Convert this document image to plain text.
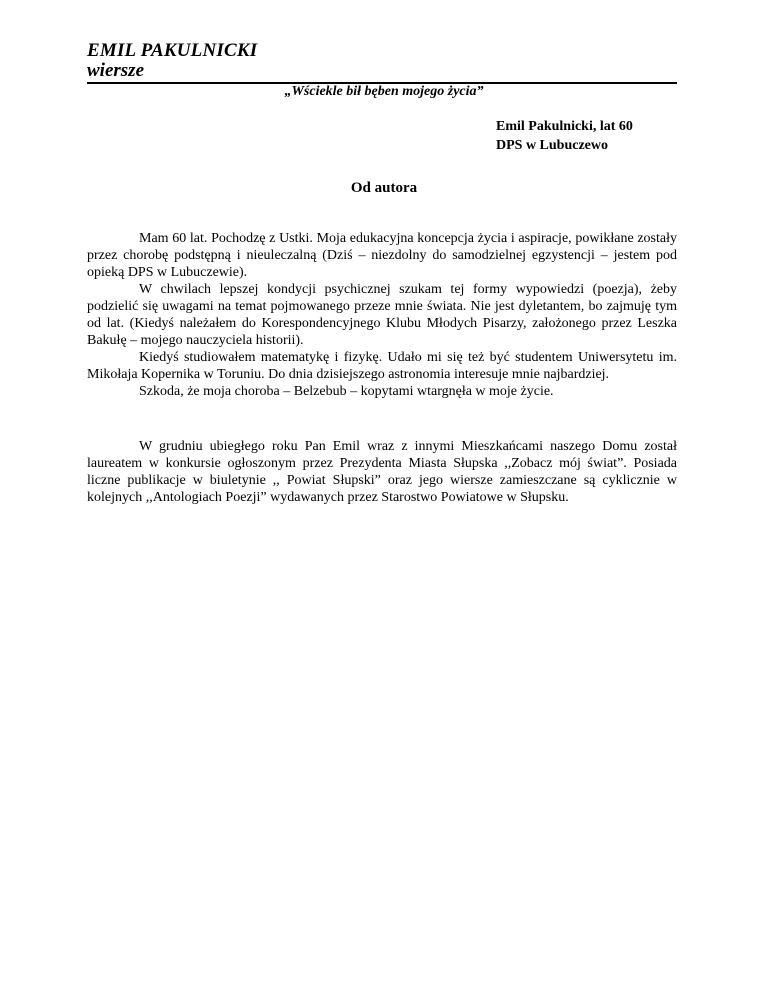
EMIL PAKULNICKI
wiersze
„Wściekle bił bęben mojego życia”
Emil Pakulnicki, lat 60
DPS w Lubuczewo
Od autora

Mam 60 lat. Pochodzę z Ustki. Moja edukacyjna koncepcja życia i aspiracje, powikłane zostały przez chorobę podstępną i nieuleczalną (Dziś – niezdolny do samodzielnej egzystencji – jestem pod opieką DPS w Lubuczewie).

W chwilach lepszej kondycji psychicznej szukam tej formy wypowiedzi (poezja), żeby podzielić się uwagami na temat pojmowanego przeze mnie świata. Nie jest dyletantem, bo zajmuję tym od lat. (Kiedyś należałem do Korespondencyjnego Klubu Młodych Pisarzy, założonego przez Leszka Bakułę – mojego nauczyciela historii).

Kiedyś studiowałem matematykę i fizykę. Udało mi się też być studentem Uniwersytetu im. Mikołaja Kopernika w Toruniu. Do dnia dzisiejszego astronomia interesuje mnie najbardziej.

Szkoda, że moja choroba – Belzebub – kopytami wtargnęła w moje życie.

W grudniu ubiegłego roku Pan Emil wraz z innymi Mieszkańcami naszego Domu został laureatem w konkursie ogłoszonym przez Prezydenta Miasta Słupska ,,Zobacz mój świat”. Posiada liczne publikacje w biuletynie ,, Powiat Słupski” oraz jego wiersze zamieszczane są cyklicznie w kolejnych ,,Antologiach Poezji” wydawanych przez Starostwo Powiatowe w Słupsku.
